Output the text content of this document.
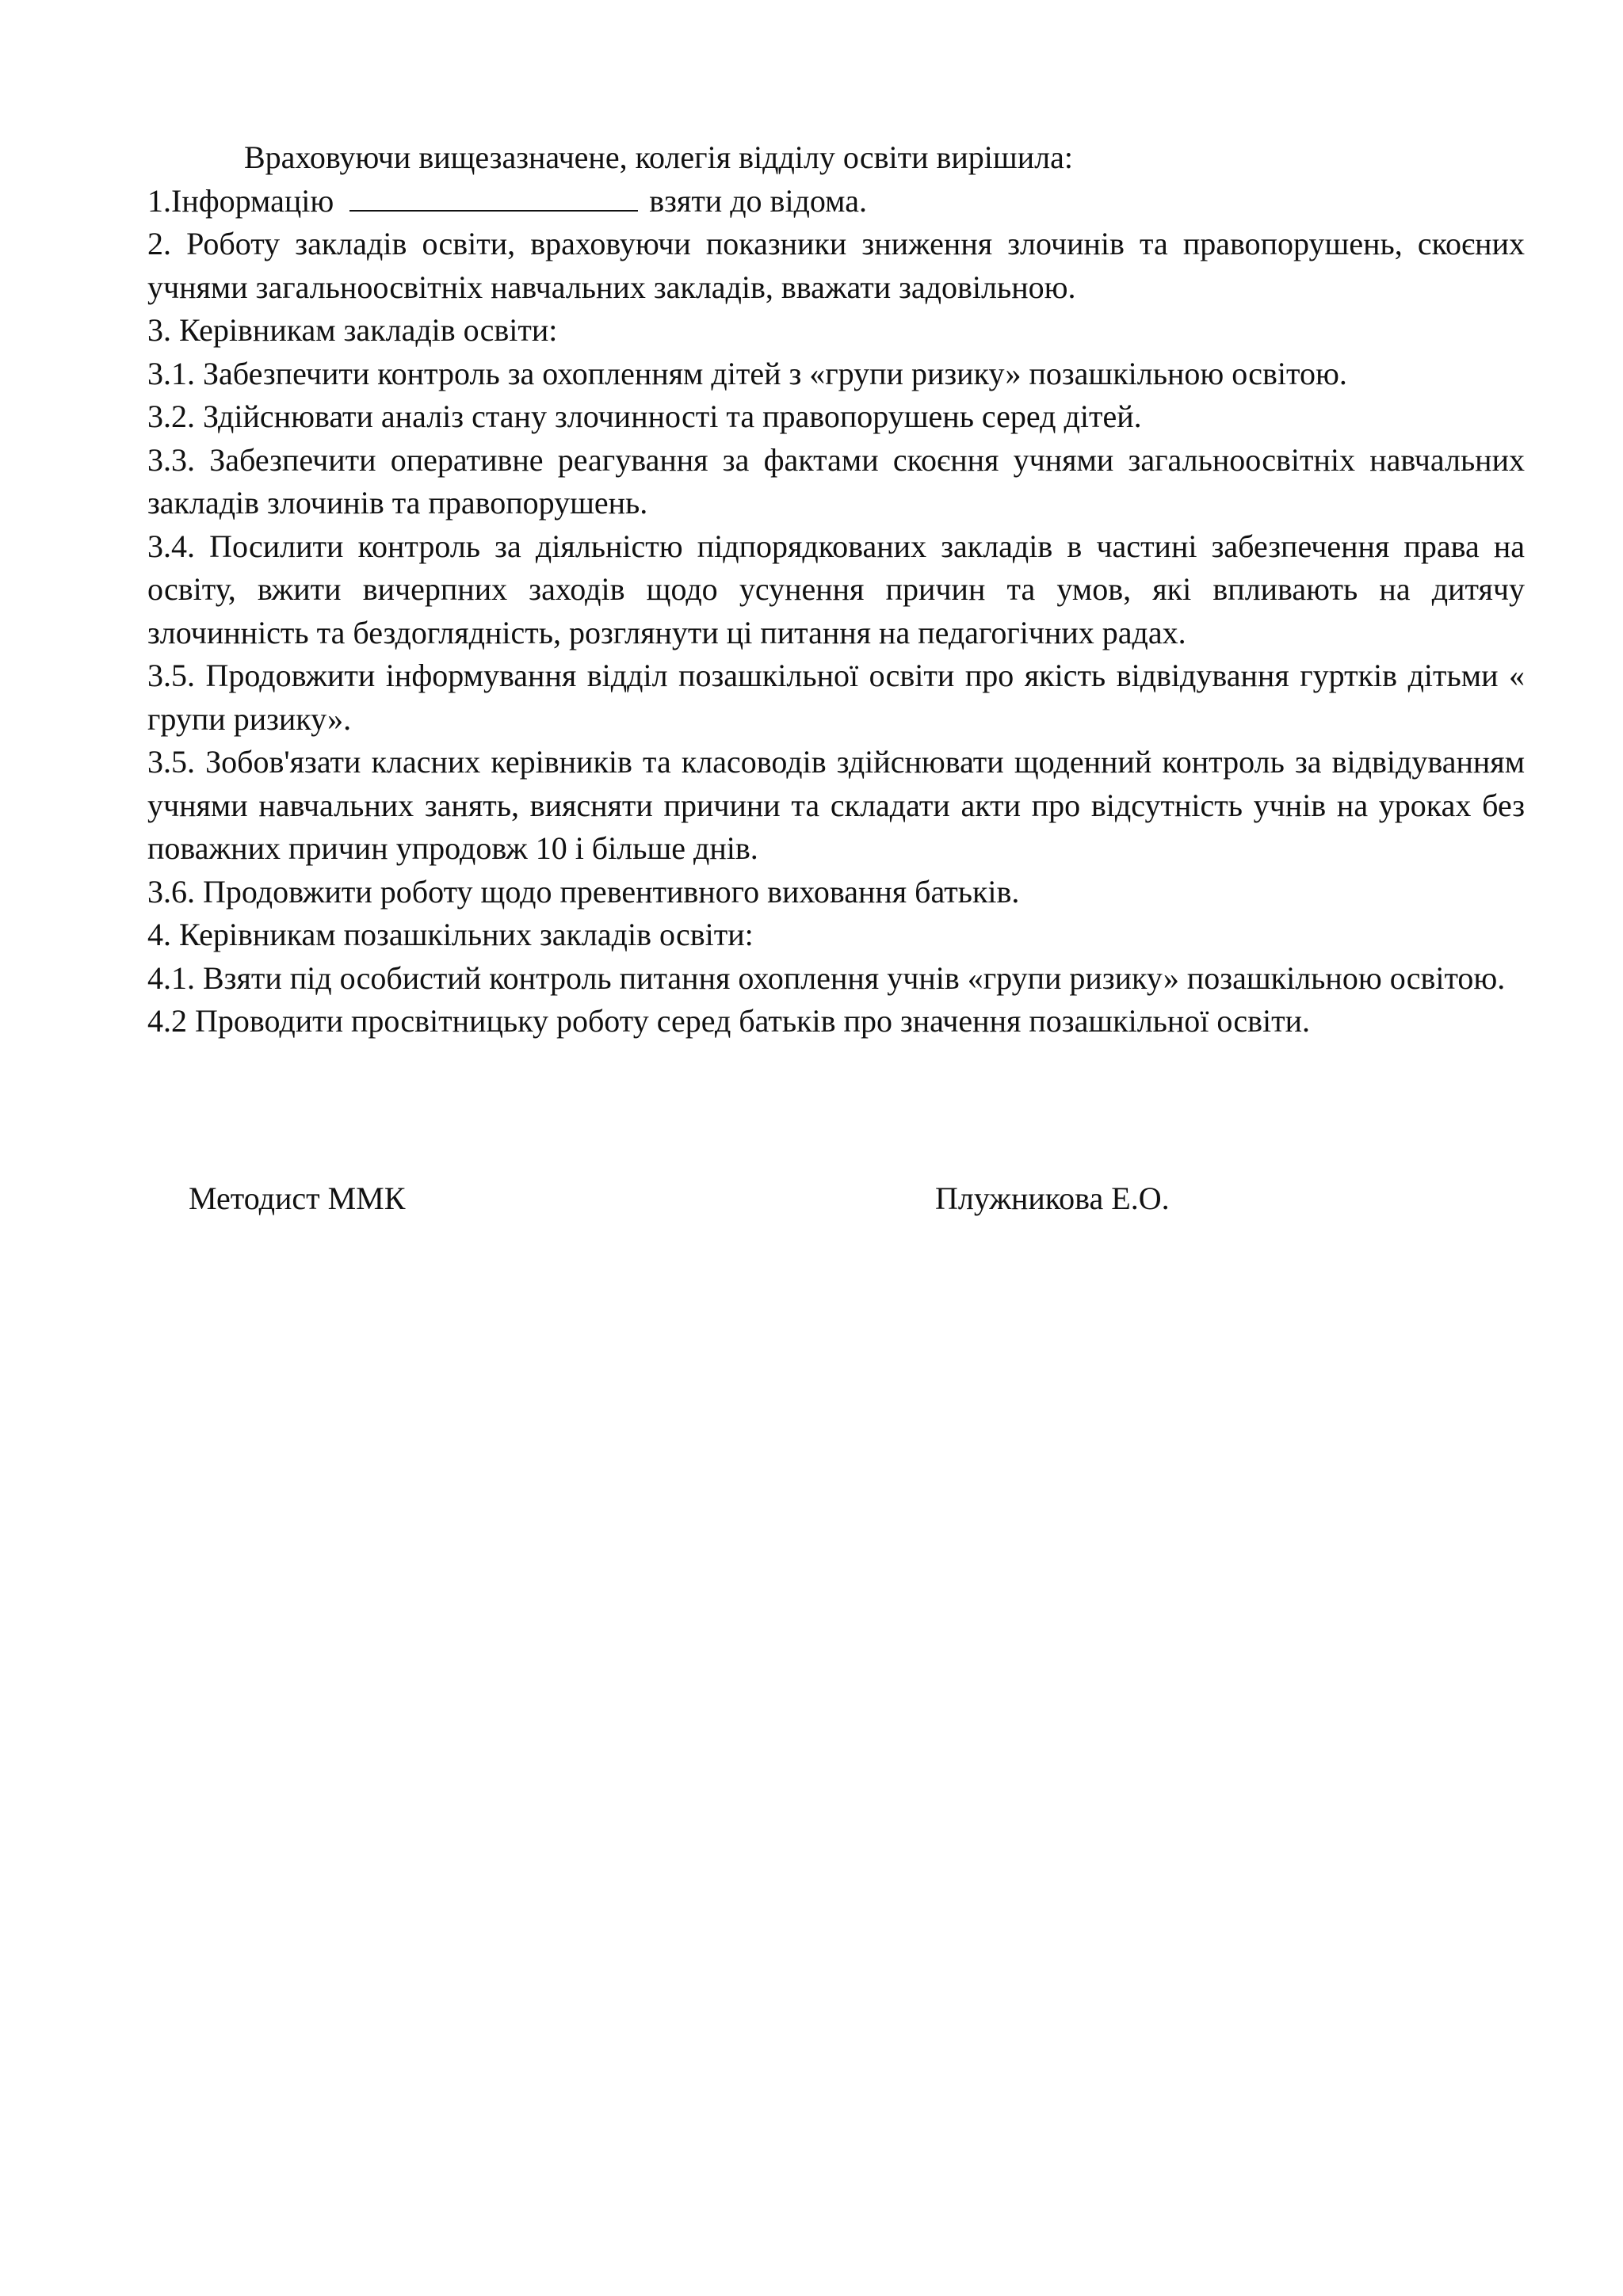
Враховуючи вищезазначене, колегія відділу освіти вирішила:

1.Інформацію	взяти до відома.

2. Роботу закладів освіти, враховуючи показники зниження злочинів та правопорушень, скоєних учнями загальноосвітніх навчальних закладів, вважати задовільною.

3. Керівникам закладів освіти:

3.1. Забезпечити контроль за охопленням дітей з «групи ризику» позашкільною освітою.

3.2. Здійснювати аналіз стану злочинності та правопорушень серед дітей.

3.3. Забезпечити оперативне реагування за фактами скоєння учнями загальноосвітніх навчальних закладів злочинів та правопорушень.

3.4. Посилити контроль за діяльністю підпорядкованих закладів в частині забезпечення права на освіту, вжити вичерпних заходів щодо усунення причин та умов, які впливають на дитячу злочинність та бездоглядність, розглянути ці питання на педагогічних радах.

3.5. Продовжити інформування відділ позашкільної освіти про якість відвідування гуртків дітьми « групи ризику».

3.5. Зобов'язати класних керівників та класоводів здійснювати щоденний контроль за відвідуванням учнями навчальних занять, виясняти причини та складати акти про відсутність учнів на уроках без поважних причин упродовж 10 і більше днів.

3.6. Продовжити роботу щодо превентивного виховання батьків.

4. Керівникам позашкільних закладів освіти:

4.1. Взяти під особистий контроль питання охоплення учнів «групи ризику» позашкільною освітою.

4.2 Проводити просвітницьку роботу серед батьків про значення позашкільної освіти.

Методист ММК	Плужникова Е.О.
